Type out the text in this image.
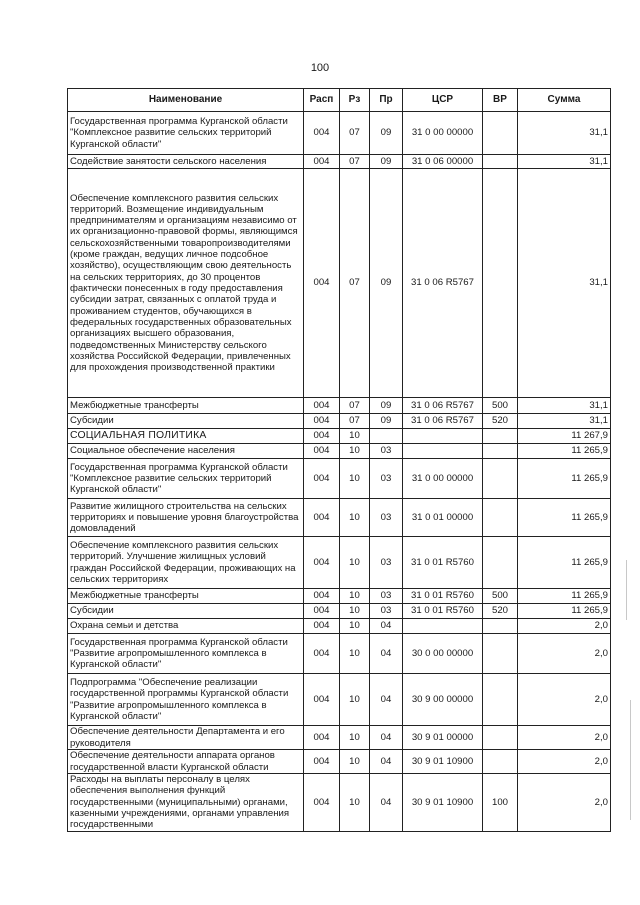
100
Наименование	Расп	Рз	Пр	ЦСР	ВР	Сумма
Государственная программа Курганской области "Комплексное развитие сельских территорий Курганской области"	004	07	09	31 0 00 00000		31,1
Содействие занятости сельского населения	004	07	09	31 0 06 00000		31,1
Обеспечение комплексного развития сельских территорий. Возмещение индивидуальным предпринимателям и организациям независимо от их организационно-правовой формы, являющимся сельскохозяйственными товаропроизводителями (кроме граждан, ведущих личное подсобное хозяйство), осуществляющим свою деятельность на сельских территориях, до 30 процентов фактически понесенных в году предоставления субсидии затрат, связанных с оплатой труда и проживанием студентов, обучающихся в федеральных государственных образовательных организациях высшего образования, подведомственных Министерству сельского хозяйства Российской Федерации, привлеченных для прохождения производственной практики	004	07	09	31 0 06 R5767		31,1
Межбюджетные трансферты	004	07	09	31 0 06 R5767	500	31,1
Субсидии	004	07	09	31 0 06 R5767	520	31,1
СОЦИАЛЬНАЯ ПОЛИТИКА	004	10				11 267,9
Социальное обеспечение населения	004	10	03			11 265,9
Государственная программа Курганской области "Комплексное развитие сельских территорий Курганской области"	004	10	03	31 0 00 00000		11 265,9
Развитие жилищного строительства на сельских территориях и повышение уровня благоустройства домовладений	004	10	03	31 0 01 00000		11 265,9
Обеспечение комплексного развития сельских территорий. Улучшение жилищных условий граждан Российской Федерации, проживающих на сельских территориях	004	10	03	31 0 01 R5760		11 265,9
Межбюджетные трансферты	004	10	03	31 0 01 R5760	500	11 265,9
Субсидии	004	10	03	31 0 01 R5760	520	11 265,9
Охрана семьи и детства	004	10	04			2,0
Государственная программа Курганской области "Развитие агропромышленного комплекса в Курганской области"	004	10	04	30 0 00 00000		2,0
Подпрограмма "Обеспечение реализации государственной программы Курганской области "Развитие агропромышленного комплекса в Курганской области"	004	10	04	30 9 00 00000		2,0
Обеспечение деятельности Департамента и его руководителя	004	10	04	30 9 01 00000		2,0
Обеспечение деятельности аппарата органов государственной власти Курганской области	004	10	04	30 9 01 10900		2,0
Расходы на выплаты персоналу в целях обеспечения выполнения функций государственными (муниципальными) органами, казенными учреждениями, органами управления государственными	004	10	04	30 9 01 10900	100	2,0
